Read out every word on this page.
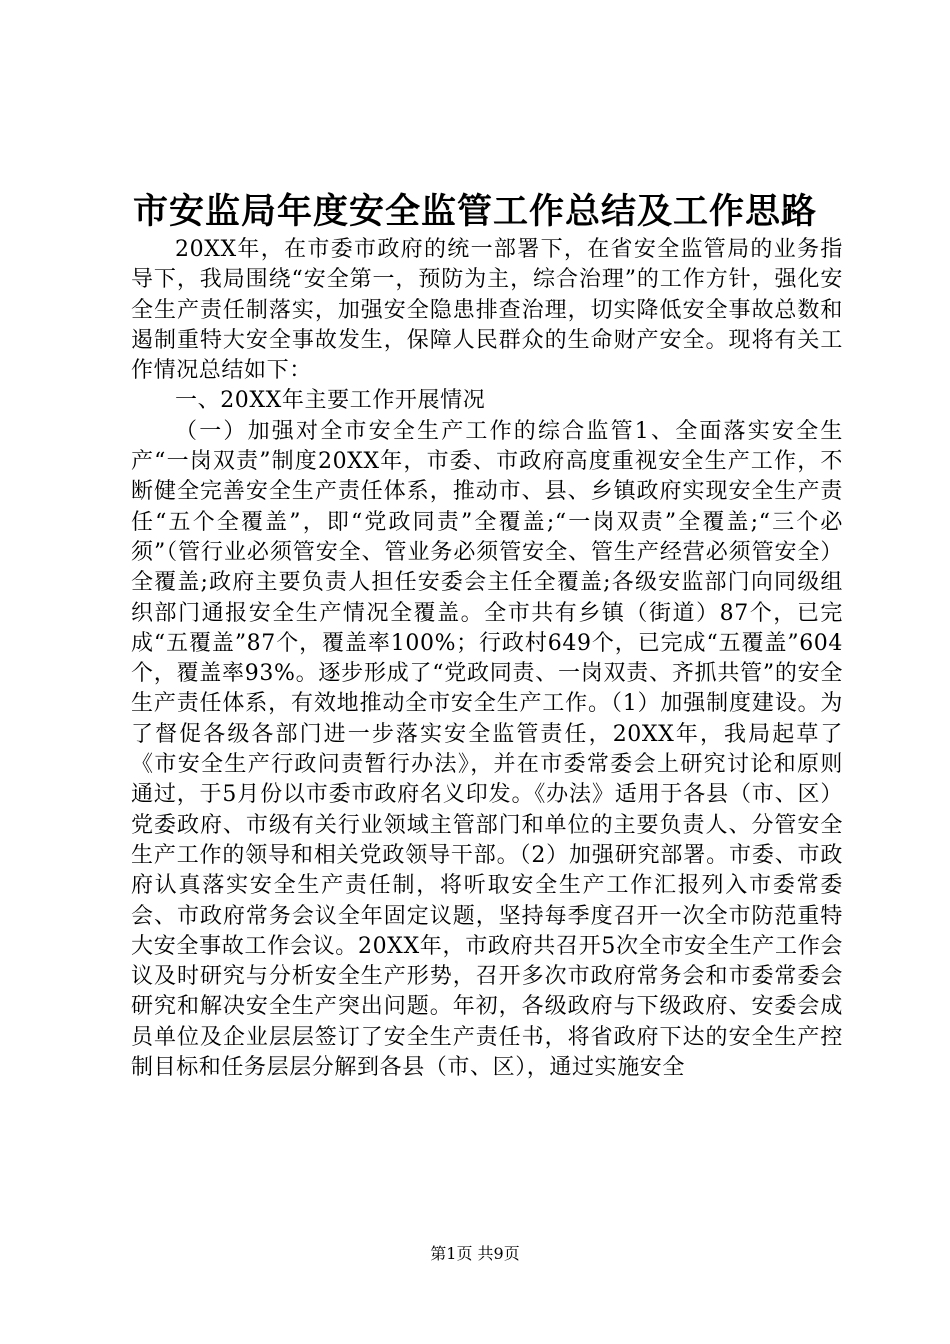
市安监局年度安全监管工作总结及工作思路

20XX年，在市委市政府的统一部署下，在省安全监管局的业务指导下，我局围绕“安全第一，预防为主，综合治理”的工作方针，强化安全生产责任制落实，加强安全隐患排查治理，切实降低安全事故总数和遏制重特大安全事故发生，保障人民群众的生命财产安全。现将有关工作情况总结如下：

一、20XX年主要工作开展情况

（一）加强对全市安全生产工作的综合监管1、全面落实安全生产“一岗双责”制度20XX年，市委、市政府高度重视安全生产工作，不断健全完善安全生产责任体系，推动市、县、乡镇政府实现安全生产责任“五个全覆盖”，即“党政同责”全覆盖;“一岗双责”全覆盖;“三个必须”（管行业必须管安全、管业务必须管安全、管生产经营必须管安全）全覆盖;政府主要负责人担任安委会主任全覆盖;各级安监部门向同级组织部门通报安全生产情况全覆盖。全市共有乡镇（街道）87个，已完成“五覆盖”87个，覆盖率100%；行政村649个，已完成“五覆盖”604个，覆盖率93%。逐步形成了“党政同责、一岗双责、齐抓共管”的安全生产责任体系，有效地推动全市安全生产工作。（1）加强制度建设。为了督促各级各部门进一步落实安全监管责任，20XX年，我局起草了《市安全生产行政问责暂行办法》，并在市委常委会上研究讨论和原则通过，于5月份以市委市政府名义印发。《办法》适用于各县（市、区）党委政府、市级有关行业领域主管部门和单位的主要负责人、分管安全生产工作的领导和相关党政领导干部。（2）加强研究部署。市委、市政府认真落实安全生产责任制，将听取安全生产工作汇报列入市委常委会、市政府常务会议全年固定议题，坚持每季度召开一次全市防范重特大安全事故工作会议。20XX年，市政府共召开5次全市安全生产工作会议及时研究与分析安全生产形势，召开多次市政府常务会和市委常委会研究和解决安全生产突出问题。年初，各级政府与下级政府、安委会成员单位及企业层层签订了安全生产责任书，将省政府下达的安全生产控制目标和任务层层分解到各县（市、区），通过实施安全

第1页 共9页
